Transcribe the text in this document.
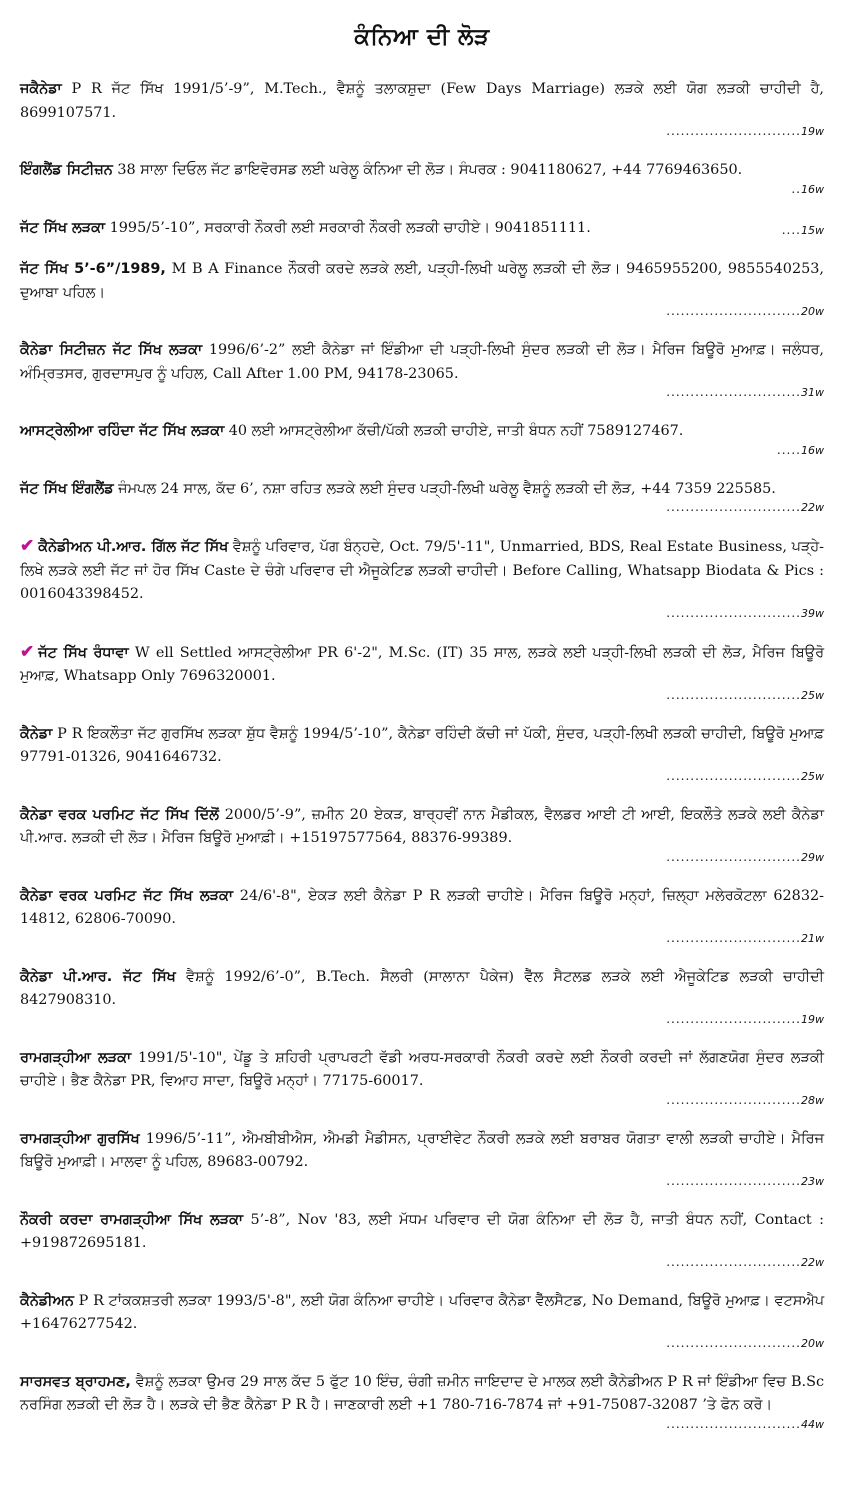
ਕੰਨਿਆ ਦੀ ਲੋੜ
ਜਕੈਨੇਡਾ P R ਜੱਟ ਸਿੱਖ 1991/5’-9”, M.Tech., ਵੈਸ਼ਨੂੰ ਤਲਾਕਸ਼ੁਦਾ (Few Days Marriage) ਲੜਕੇ ਲਈ ਯੋਗ ਲੜਕੀ ਚਾਹੀਦੀ ਹੈ, 8699107571.
............................ 19w
ਇੰਗਲੈਂਡ ਸਿਟੀਜ਼ਨ 38 ਸਾਲਾ ਦਿਓਲ ਜੱਟ ਡਾਇਵੋਰਸਡ ਲਈ ਘਰੇਲੂ ਕੰਨਿਆ ਦੀ ਲੋੜ। ਸੰਪਰਕ : 9041180627, +44 7769463650.
.. 16w
ਜੱਟ ਸਿੱਖ ਲੜਕਾ 1995/5’-10”, ਸਰਕਾਰੀ ਨੌਕਰੀ ਲਈ ਸਰਕਾਰੀ ਨੌਕਰੀ ਲੜਕੀ ਚਾਹੀਏ। 9041851111.	.... 15w
ਜੱਟ ਸਿੱਖ 5’-6”/1989, M B A Finance ਨੌਕਰੀ ਕਰਦੇ ਲੜਕੇ ਲਈ, ਪੜ੍ਹੀ-ਲਿਖੀ ਘਰੇਲੂ ਲੜਕੀ ਦੀ ਲੋੜ। 9465955200, 9855540253, ਦੁਆਬਾ ਪਹਿਲ।
............................ 20w
ਕੈਨੇਡਾ ਸਿਟੀਜ਼ਨ ਜੱਟ ਸਿੱਖ ਲੜਕਾ 1996/6’-2” ਲਈ ਕੈਨੇਡਾ ਜਾਂ ਇੰਡੀਆ ਦੀ ਪੜ੍ਹੀ-ਲਿਖੀ ਸੁੰਦਰ ਲੜਕੀ ਦੀ ਲੋੜ। ਮੈਰਿਜ ਬਿਊਰੋ ਮੁਆਫ਼। ਜਲੰਧਰ, ਅੰਮ੍ਰਿਤਸਰ, ਗੁਰਦਾਸਪੁਰ ਨੂੰ ਪਹਿਲ, Call After 1.00 PM, 94178-23065.
............................ 31w
ਆਸਟ੍ਰੇਲੀਆ ਰਹਿੰਦਾ ਜੱਟ ਸਿੱਖ ਲੜਕਾ 40 ਲਈ ਆਸਟ੍ਰੇਲੀਆ ਕੱਚੀ/ਪੱਕੀ ਲੜਕੀ ਚਾਹੀਏ, ਜਾਤੀ ਬੰਧਨ ਨਹੀਂ 7589127467.
..... 16w
ਜੱਟ ਸਿੱਖ ਇੰਗਲੈਂਡ ਜੰਮਪਲ 24 ਸਾਲ, ਕੱਦ 6’, ਨਸ਼ਾ ਰਹਿਤ ਲੜਕੇ ਲਈ ਸੁੰਦਰ ਪੜ੍ਹੀ-ਲਿਖੀ ਘਰੇਲੂ ਵੈਸ਼ਨੂੰ ਲੜਕੀ ਦੀ ਲੋੜ, +44 7359 225585.
............................ 22w
✔ ਕੈਨੇਡੀਅਨ ਪੀ.ਆਰ. ਗਿੱਲ ਜੱਟ ਸਿੱਖ ਵੈਸ਼ਨੂੰ ਪਰਿਵਾਰ, ਪੱਗ ਬੰਨ੍ਹਦੇ, Oct. 79/5'-11", Unmarried, BDS, Real Estate Business, ਪੜ੍ਹੇ-ਲਿਖੇ ਲੜਕੇ ਲਈ ਜੱਟ ਜਾਂ ਹੋਰ ਸਿੱਖ Caste ਦੇ ਚੰਗੇ ਪਰਿਵਾਰ ਦੀ ਐਜੂਕੇਟਿਡ ਲੜਕੀ ਚਾਹੀਦੀ। Before Calling, Whatsapp Biodata & Pics : 0016043398452.
............................ 39w
✔ ਜੱਟ ਸਿੱਖ ਰੰਧਾਵਾ W ell Settled ਆਸਟ੍ਰੇਲੀਆ PR 6'-2", M.Sc. (IT) 35 ਸਾਲ, ਲੜਕੇ ਲਈ ਪੜ੍ਹੀ-ਲਿਖੀ ਲੜਕੀ ਦੀ ਲੋੜ, ਮੈਰਿਜ ਬਿਊਰੋ ਮੁਆਫ਼, Whatsapp Only 7696320001.
............................ 25w
ਕੈਨੇਡਾ P R ਇਕਲੌਤਾ ਜੱਟ ਗੁਰਸਿੱਖ ਲੜਕਾ ਸ਼ੁੱਧ ਵੈਸ਼ਨੂੰ 1994/5’-10”, ਕੈਨੇਡਾ ਰਹਿੰਦੀ ਕੱਚੀ ਜਾਂ ਪੱਕੀ, ਸੁੰਦਰ, ਪੜ੍ਹੀ-ਲਿਖੀ ਲੜਕੀ ਚਾਹੀਦੀ, ਬਿਊਰੋ ਮੁਆਫ਼ 97791-01326, 9041646732.
............................ 25w
ਕੈਨੇਡਾ ਵਰਕ ਪਰਮਿਟ ਜੱਟ ਸਿੱਖ ਦਿੱਲੋਂ 2000/5’-9”, ਜ਼ਮੀਨ 20 ਏਕੜ, ਬਾਰ੍ਹਵੀਂ ਨਾਨ ਮੈਡੀਕਲ, ਵੈਲਡਰ ਆਈ ਟੀ ਆਈ, ਇਕਲੌਤੇ ਲੜਕੇ ਲਈ ਕੈਨੇਡਾ ਪੀ.ਆਰ. ਲੜਕੀ ਦੀ ਲੋੜ। ਮੈਰਿਜ ਬਿਊਰੋ ਮੁਆਫ਼ੀ। +15197577564, 88376-99389.
............................ 29w
ਕੈਨੇਡਾ ਵਰਕ ਪਰਮਿਟ ਜੱਟ ਸਿੱਖ ਲੜਕਾ 24/6'-8", ਏਕੜ ਲਈ ਕੈਨੇਡਾ P R ਲੜਕੀ ਚਾਹੀਏ। ਮੈਰਿਜ ਬਿਊਰੋ ਮਨ੍ਹਾਂ, ਜ਼ਿਲ੍ਹਾ ਮਲੇਰਕੋਟਲਾ 62832-14812, 62806-70090.
............................ 21w
ਕੈਨੇਡਾ ਪੀ.ਆਰ. ਜੱਟ ਸਿੱਖ ਵੈਸ਼ਨੂੰ 1992/6’-0”, B.Tech. ਸੈਲਰੀ (ਸਾਲਾਨਾ ਪੈਕੇਜ) ਵੈੱਲ ਸੈਟਲਡ ਲੜਕੇ ਲਈ ਐਜੂਕੇਟਿਡ ਲੜਕੀ ਚਾਹੀਦੀ 8427908310.
............................ 19w
ਰਾਮਗੜ੍ਹੀਆ ਲੜਕਾ 1991/5'-10", ਪੇਂਡੂ ਤੇ ਸ਼ਹਿਰੀ ਪ੍ਰਾਪਰਟੀ ਵੱਡੀ ਅਰਧ-ਸਰਕਾਰੀ ਨੌਕਰੀ ਕਰਦੇ ਲਈ ਨੌਕਰੀ ਕਰਦੀ ਜਾਂ ਲੱਗਣਯੋਗ ਸੁੰਦਰ ਲੜਕੀ ਚਾਹੀਏ। ਭੈਣ ਕੈਨੇਡਾ PR, ਵਿਆਹ ਸਾਦਾ, ਬਿਊਰੋ ਮਨ੍ਹਾਂ। 77175-60017.
............................ 28w
ਰਾਮਗੜ੍ਹੀਆ ਗੁਰਸਿੱਖ 1996/5’-11”, ਐਮਬੀਬੀਐਸ, ਐਮਡੀ ਮੈਡੀਸਨ, ਪ੍ਰਾਈਵੇਟ ਨੌਕਰੀ ਲੜਕੇ ਲਈ ਬਰਾਬਰ ਯੋਗਤਾ ਵਾਲੀ ਲੜਕੀ ਚਾਹੀਏ। ਮੈਰਿਜ ਬਿਊਰੋ ਮੁਆਫ਼ੀ। ਮਾਲਵਾ ਨੂੰ ਪਹਿਲ, 89683-00792.
............................ 23w
ਨੌਕਰੀ ਕਰਦਾ ਰਾਮਗੜ੍ਹੀਆ ਸਿੱਖ ਲੜਕਾ 5’-8”, Nov '83, ਲਈ ਮੱਧਮ ਪਰਿਵਾਰ ਦੀ ਯੋਗ ਕੰਨਿਆ ਦੀ ਲੋੜ ਹੈ, ਜਾਤੀ ਬੰਧਨ ਨਹੀਂ, Contact : +919872695181.
............................ 22w
ਕੈਨੇਡੀਅਨ P R ਟਾਂਕਕਸ਼ਤਰੀ ਲੜਕਾ 1993/5'-8", ਲਈ ਯੋਗ ਕੰਨਿਆ ਚਾਹੀਏ। ਪਰਿਵਾਰ ਕੈਨੇਡਾ ਵੈੱਲਸੈਟਡ, No Demand, ਬਿਊਰੋ ਮੁਆਫ਼। ਵਟਸਐਪ +16476277542.
............................ 20w
ਸਾਰਸਵਤ ਬ੍ਰਾਹਮਣ, ਵੈਸ਼ਨੂੰ ਲੜਕਾ ਉਮਰ 29 ਸਾਲ ਕੱਦ 5 ਫੁੱਟ 10 ਇੰਚ, ਚੰਗੀ ਜ਼ਮੀਨ ਜਾਇਦਾਦ ਦੇ ਮਾਲਕ ਲਈ ਕੈਨੇਡੀਅਨ P R ਜਾਂ ਇੰਡੀਆ ਵਿਚ B.Sc ਨਰਸਿੰਗ ਲੜਕੀ ਦੀ ਲੋੜ ਹੈ। ਲੜਕੇ ਦੀ ਭੈਣ ਕੈਨੇਡਾ P R ਹੈ। ਜਾਣਕਾਰੀ ਲਈ +1 780-716-7874 ਜਾਂ +91-75087-32087 ’ਤੇ ਫੋਨ ਕਰੋ।
............................ 44w
